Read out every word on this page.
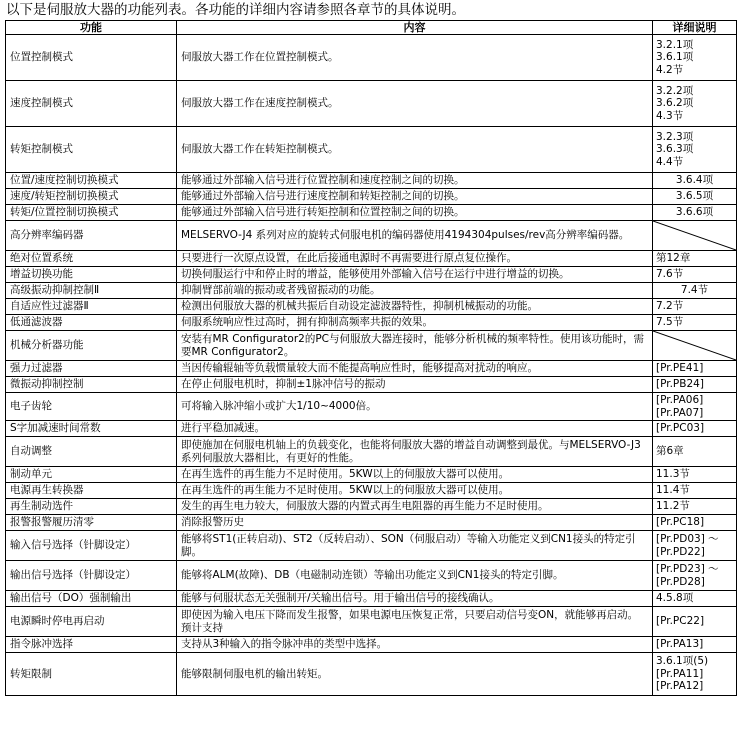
以下是伺服放大器的功能列表。各功能的详细内容请参照各章节的具体说明。
功能	内容	详细说明
位置控制模式	伺服放大器工作在位置控制模式。	3.2.1项
3.6.1项
4.2节

速度控制模式	伺服放大器工作在速度控制模式。	3.2.2项
3.6.2项
4.3节

转矩控制模式	伺服放大器工作在转矩控制模式。	3.2.3项
3.6.3项
4.4节

位置/速度控制切换模式	能够通过外部输入信号进行位置控制和速度控制之间的切换。	3.6.4项

速度/转矩控制切换模式	能够通过外部输入信号进行速度控制和转矩控制之间的切换。	3.6.5项

转矩/位置控制切换模式	能够通过外部输入信号进行转矩控制和位置控制之间的切换。	3.6.6项

高分辨率编码器	MELSERVO-J4 系列对应的旋转式伺服电机的编码器使用4194304pulses/rev高分辨率编码器。	

绝对位置系统	只要进行一次原点设置，在此后接通电源时不再需要进行原点复位操作。	第12章

增益切换功能	切换伺服运行中和停止时的增益，能够使用外部输入信号在运行中进行增益的切换。	7.6节

高级振动抑制控制Ⅱ	抑制臂部前端的振动或者残留振动的功能。	7.4节

自适应性过滤器Ⅱ	检测出伺服放大器的机械共振后自动设定滤波器特性，抑制机械振动的功能。	7.2节

低通滤波器	伺服系统响应性过高时，拥有抑制高频率共振的效果。	7.5节

机械分析器功能	安装有MR Configurator2的PC与伺服放大器连接时，能够分析机械的频率特性。使用该功能时，需要MR Configurator2。	

强力过滤器	当因传输辊轴等负载惯量较大而不能提高响应性时，能够提高对扰动的响应。	[Pr.PE41]

微振动抑制控制	在停止伺服电机时，抑制±1脉冲信号的振动	[Pr.PB24]

电子齿轮	可将输入脉冲缩小或扩大1/10~4000倍。	[Pr.PA06]
[Pr.PA07]

S字加减速时间常数	进行平稳加减速。	[Pr.PC03]

自动调整	即使施加在伺服电机轴上的负载变化，也能将伺服放大器的增益自动调整到最优。与MELSERVO-J3 系列伺服放大器相比，有更好的性能。	第6章

制动单元	在再生选件的再生能力不足时使用。5KW以上的伺服放大器可以使用。	11.3节

电源再生转换器	在再生选件的再生能力不足时使用。5KW以上的伺服放大器可以使用。	11.4节

再生制动选件	发生的再生电力较大，伺服放大器的内置式再生电阻器的再生能力不足时使用。	11.2节

报警报警履历清零	消除报警历史	[Pr.PC18]

输入信号选择（针脚设定）	能够将ST1(正转启动)、ST2（反转启动）、SON（伺服启动）等输入功能定义到CN1接头的特定引脚。	[Pr.PD03] ～
[Pr.PD22]

输出信号选择（针脚设定）	能够将ALM(故障)、DB（电磁制动连锁）等输出功能定义到CN1接头的特定引脚。	[Pr.PD23] ～
[Pr.PD28]

输出信号（DO）强制输出	能够与伺服状态无关强制开/关输出信号。用于输出信号的接线确认。	4.5.8项

电源瞬时停电再启动	即使因为输入电压下降而发生报警，如果电源电压恢复正常，只要启动信号变ON，就能够再启动。预计支持	[Pr.PC22]

指令脉冲选择	支持从3种输入的指令脉冲串的类型中选择。	[Pr.PA13]

转矩限制	能够限制伺服电机的输出转矩。	3.6.1项(5)
[Pr.PA11]
[Pr.PA12]
